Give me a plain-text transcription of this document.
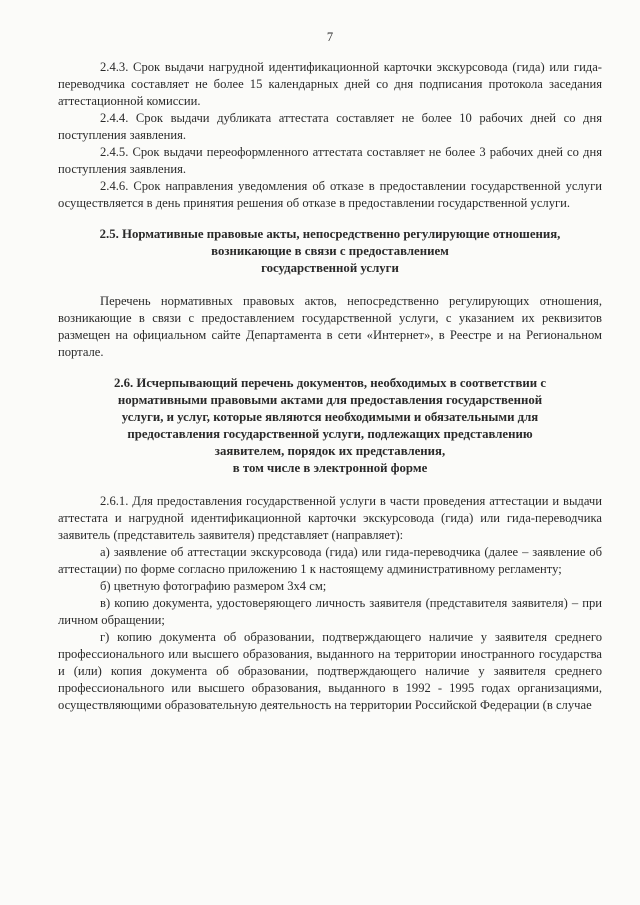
7

2.4.3. Срок выдачи нагрудной идентификационной карточки экскурсовода (гида) или гида-переводчика составляет не более 15 календарных дней со дня подписания протокола заседания аттестационной комиссии.

2.4.4. Срок выдачи дубликата аттестата составляет не более 10 рабочих дней со дня поступления заявления.

2.4.5. Срок выдачи переоформленного аттестата составляет не более 3 рабочих дней со дня поступления заявления.

2.4.6. Срок направления уведомления об отказе в предоставлении государственной услуги осуществляется в день принятия решения об отказе в предоставлении государственной услуги.

2.5. Нормативные правовые акты, непосредственно регулирующие отношения,
возникающие в связи с предоставлением
государственной услуги

Перечень нормативных правовых актов, непосредственно регулирующих отношения, возникающие в связи с предоставлением государственной услуги, с указанием их реквизитов размещен на официальном сайте Департамента в сети «Интернет», в Реестре и на Региональном портале.

2.6. Исчерпывающий перечень документов, необходимых в соответствии с
нормативными правовыми актами для предоставления государственной
услуги, и услуг, которые являются необходимыми и обязательными для
предоставления государственной услуги, подлежащих представлению
заявителем, порядок их представления,
в том числе в электронной форме

2.6.1. Для предоставления государственной услуги в части проведения аттестации и выдачи аттестата и нагрудной идентификационной карточки экскурсовода (гида) или гида-переводчика заявитель (представитель заявителя) представляет (направляет):

а) заявление об аттестации экскурсовода (гида) или гида-переводчика (далее – заявление об аттестации) по форме согласно приложению 1 к настоящему административному регламенту;

б) цветную фотографию размером 3х4 см;

в) копию документа, удостоверяющего личность заявителя (представителя заявителя) – при личном обращении;

г) копию документа об образовании, подтверждающего наличие у заявителя среднего профессионального или высшего образования, выданного на территории иностранного государства и (или) копия документа об образовании, подтверждающего наличие у заявителя среднего профессионального или высшего образования, выданного в 1992 - 1995 годах организациями, осуществляющими образовательную деятельность на территории Российской Федерации (в случае
